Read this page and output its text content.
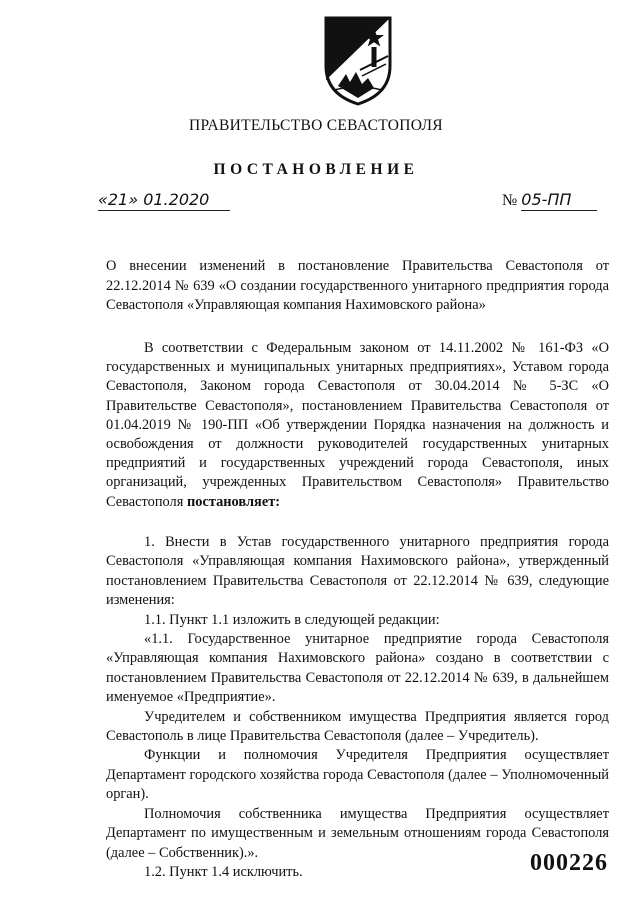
ПРАВИТЕЛЬСТВО СЕВАСТОПОЛЯ
ПОСТАНОВЛЕНИЕ
«21» 01.2020	№ 05-ПП
О внесении изменений в постановление Правительства Севастополя от 22.12.2014 № 639 «О создании государственного унитарного предприятия города Севастополя «Управляющая компания Нахимовского района»

В соответствии с Федеральным законом от 14.11.2002 № 161-ФЗ «О государственных и муниципальных унитарных предприятиях», Уставом города Севастополя, Законом города Севастополя от 30.04.2014 № 5-ЗС «О Правительстве Севастополя», постановлением Правительства Севастополя от 01.04.2019 № 190-ПП «Об утверждении Порядка назначения на должность и освобождения от должности руководителей государственных унитарных предприятий и государственных учреждений города Севастополя, иных организаций, учрежденных Правительством Севастополя» Правительство Севастополя постановляет:

1. Внести в Устав государственного унитарного предприятия города Севастополя «Управляющая компания Нахимовского района», утвержденный постановлением Правительства Севастополя от 22.12.2014 № 639, следующие изменения:

1.1. Пункт 1.1 изложить в следующей редакции:

«1.1. Государственное унитарное предприятие города Севастополя «Управляющая компания Нахимовского района» создано в соответствии с постановлением Правительства Севастополя от 22.12.2014 № 639, в дальнейшем именуемое «Предприятие».

Учредителем и собственником имущества Предприятия является город Севастополь в лице Правительства Севастополя (далее – Учредитель).

Функции и полномочия Учредителя Предприятия осуществляет Департамент городского хозяйства города Севастополя (далее – Уполномоченный орган).

Полномочия собственника имущества Предприятия осуществляет Департамент по имущественным и земельным отношениям города Севастополя (далее – Собственник).».

1.2. Пункт 1.4 исключить.	000226
